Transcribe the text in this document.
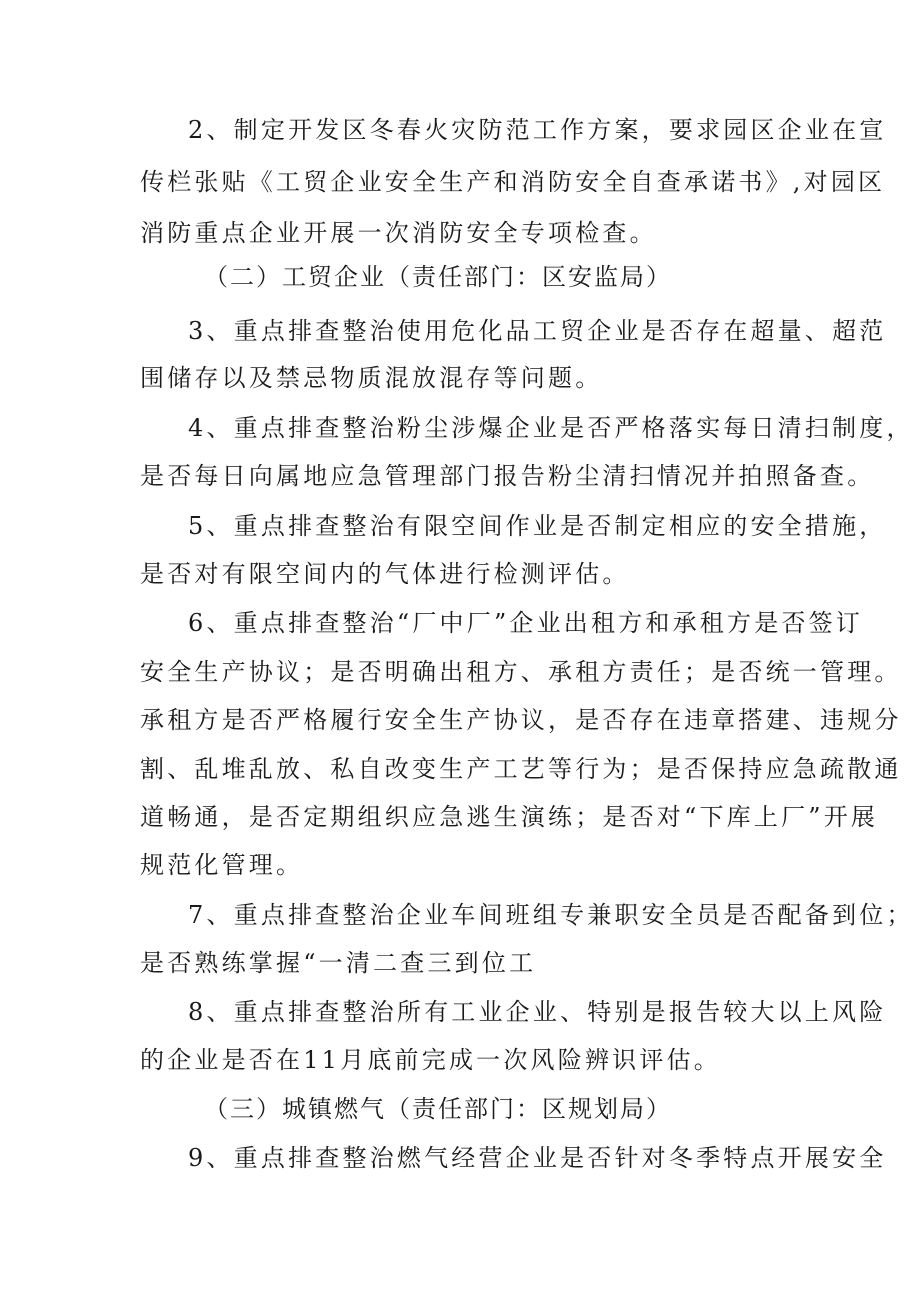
2、制定开发区冬春火灾防范工作方案，要求园区企业在宣
传栏张贴《工贸企业安全生产和消防安全自查承诺书》,对园区
消防重点企业开展一次消防安全专项检查。
（二）工贸企业（责任部门：区安监局）
3、重点排查整治使用危化品工贸企业是否存在超量、超范
围储存以及禁忌物质混放混存等问题。
4、重点排查整治粉尘涉爆企业是否严格落实每日清扫制度，
是否每日向属地应急管理部门报告粉尘清扫情况并拍照备查。
5、重点排查整治有限空间作业是否制定相应的安全措施，
是否对有限空间内的气体进行检测评估。
6、重点排查整治“厂中厂”企业出租方和承租方是否签订
安全生产协议；是否明确出租方、承租方责任；是否统一管理。
承租方是否严格履行安全生产协议，是否存在违章搭建、违规分
割、乱堆乱放、私自改变生产工艺等行为；是否保持应急疏散通
道畅通，是否定期组织应急逃生演练；是否对“下库上厂”开展
规范化管理。
7、重点排查整治企业车间班组专兼职安全员是否配备到位；
是否熟练掌握“一清二查三到位工
8、重点排查整治所有工业企业、特别是报告较大以上风险
的企业是否在11月底前完成一次风险辨识评估。
（三）城镇燃气（责任部门：区规划局）
9、重点排查整治燃气经营企业是否针对冬季特点开展安全
